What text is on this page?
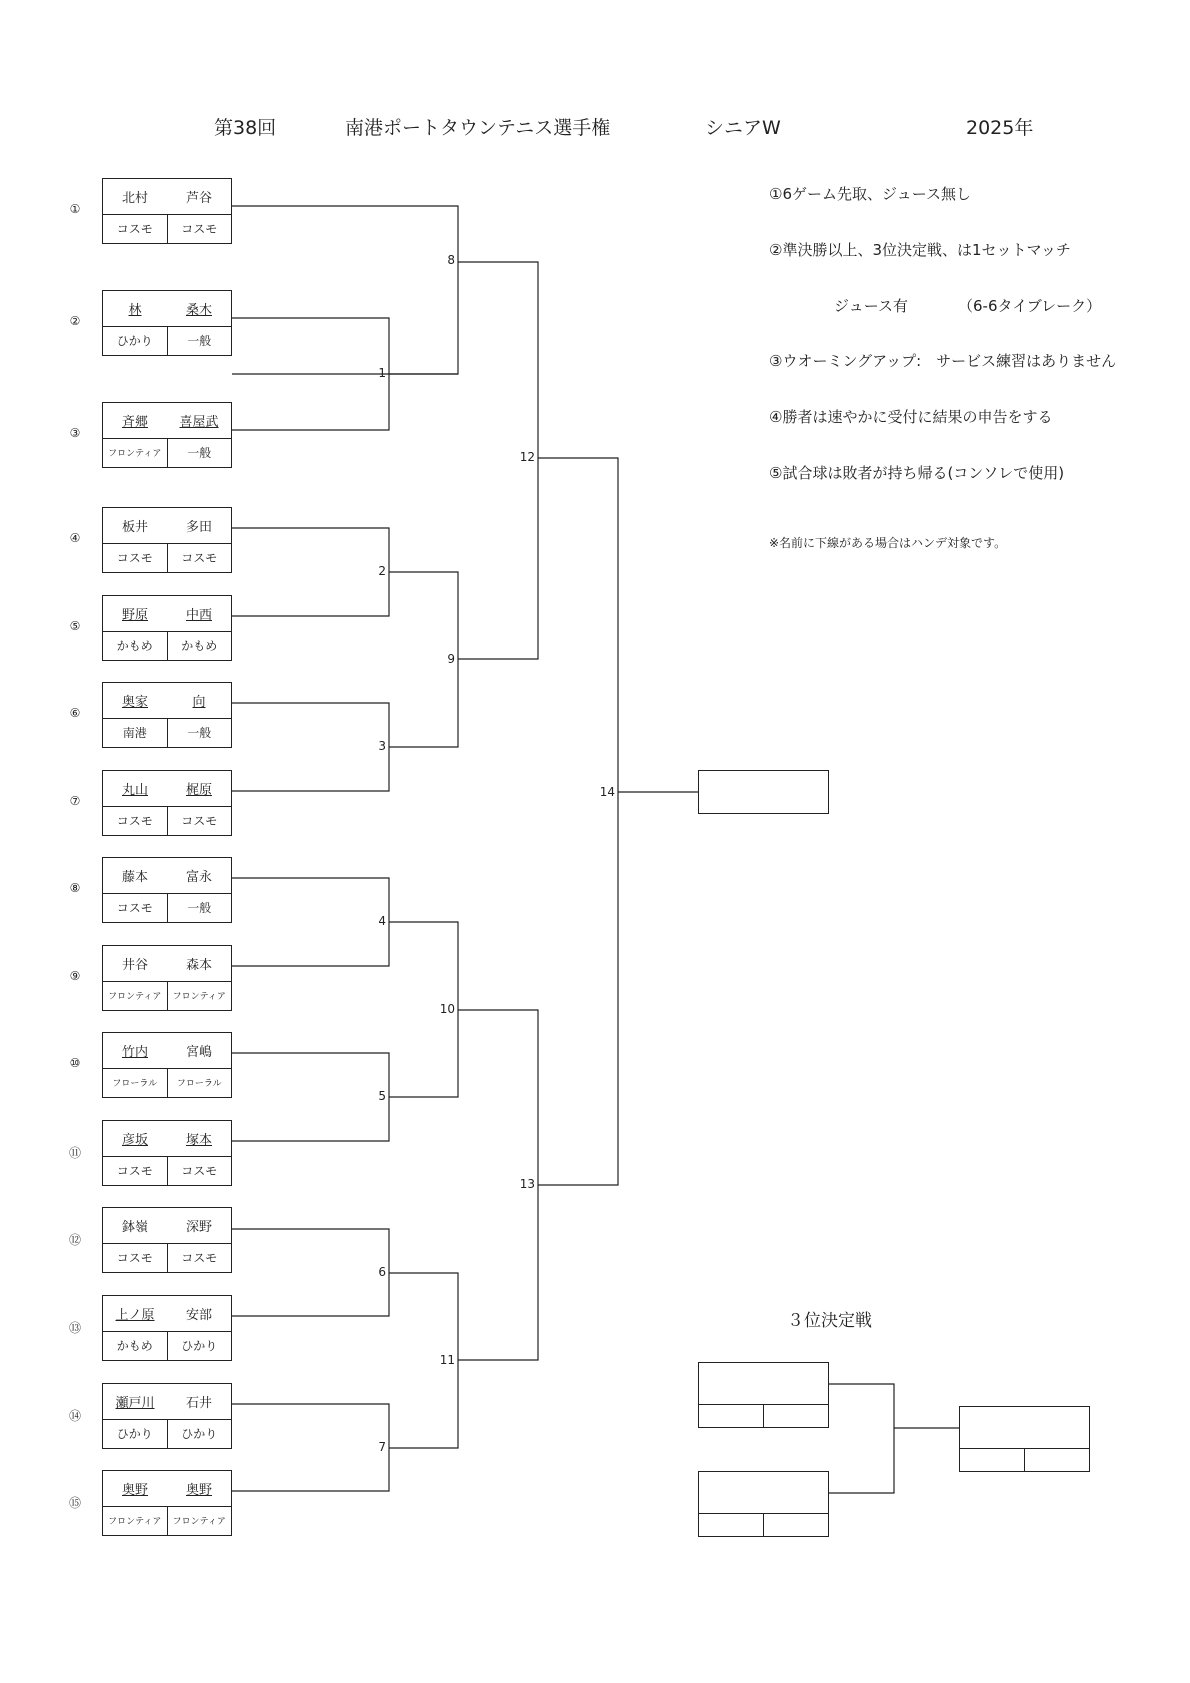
第38回	南港ポートタウンテニス選手権	シニアW	2025年
①
北村	芦谷
コスモ	コスモ
②
林	桑木
ひかり	一般
③
斉郷	喜屋武
フロンティア	一般
④
板井	多田
コスモ	コスモ
⑤
野原	中西
かもめ	かもめ
⑥
奥家	向
南港	一般
⑦
丸山	梶原
コスモ	コスモ
⑧
藤本	富永
コスモ	一般
⑨
井谷	森本
フロンティア	フロンティア
⑩
竹内	宮嶋
フローラル	フローラル
⑪
彦坂	塚本
コスモ	コスモ
⑫
鉢嶺	深野
コスモ	コスモ
⑬
上ノ原	安部
かもめ	ひかり
⑭
瀬戸川	石井
ひかり	ひかり
⑮
奥野	奥野
フロンティア	フロンティア
8
1
12
2
9
3
14
4
10
5
13
6
11
7
①6ゲーム先取、ジュース無し
②準決勝以上、3位決定戦、は1セットマッチ
ジュース有	（6-6タイブレーク）
③ウオーミングアップ:　サービス練習はありません
④勝者は速やかに受付に結果の申告をする
⑤試合球は敗者が持ち帰る(コンソレで使用)
※名前に下線がある場合はハンデ対象です。
３位決定戦
